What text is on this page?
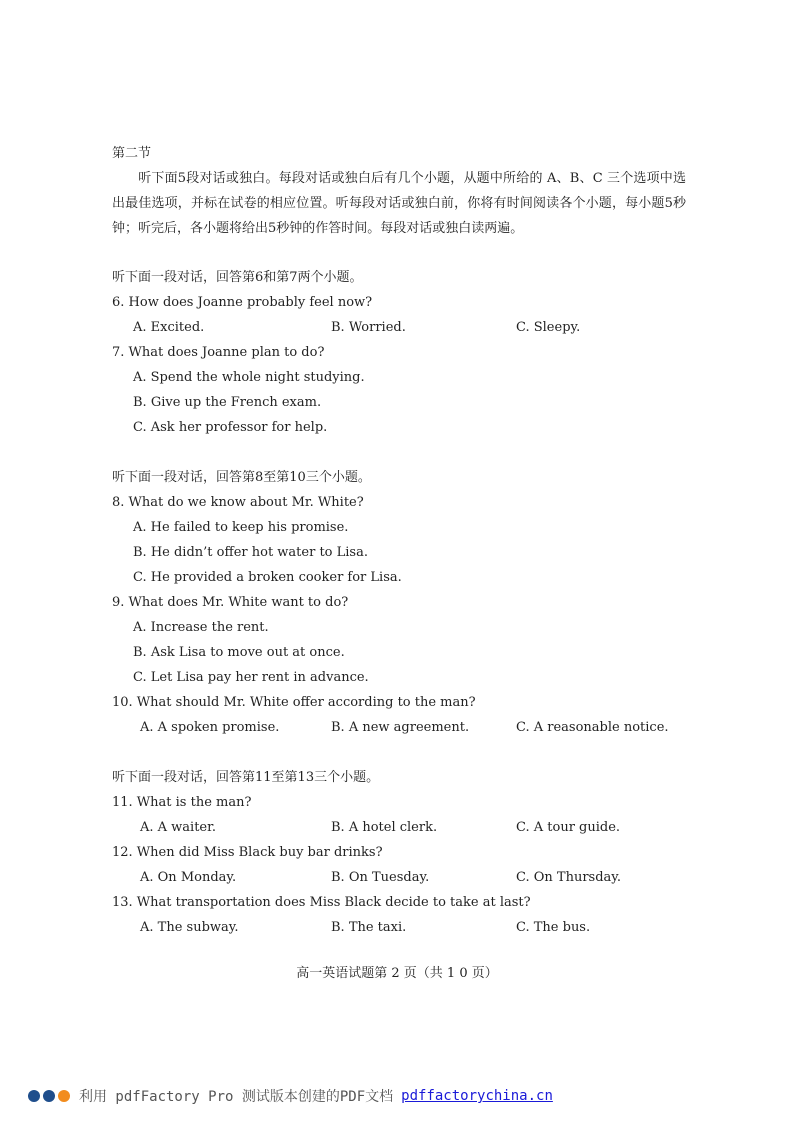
第二节
听下面5段对话或独白。每段对话或独白后有几个小题，从题中所给的 A、B、C 三个选项中选出最佳选项，并标在试卷的相应位置。听每段对话或独白前，你将有时间阅读各个小题，每小题5秒钟；听完后，各小题将给出5秒钟的作答时间。每段对话或独白读两遍。
听下面一段对话，回答第6和第7两个小题。
6. How does Joanne probably feel now?
A. Excited.	B. Worried.	C. Sleepy.
7. What does Joanne plan to do?
A. Spend the whole night studying.
B. Give up the French exam.
C. Ask her professor for help.
听下面一段对话，回答第8至第10三个小题。
8. What do we know about Mr. White?
A. He failed to keep his promise.
B. He didn’t offer hot water to Lisa.
C. He provided a broken cooker for Lisa.
9. What does Mr. White want to do?
A. Increase the rent.
B. Ask Lisa to move out at once.
C. Let Lisa pay her rent in advance.
10. What should Mr. White offer according to the man?
A. A spoken promise.	B. A new agreement.	C. A reasonable notice.
听下面一段对话，回答第11至第13三个小题。
11. What is the man?
A. A waiter.	B. A hotel clerk.	C. A tour guide.
12. When did Miss Black buy bar drinks?
A. On Monday.	B. On Tuesday.	C. On Thursday.
13. What transportation does Miss Black decide to take at last?
A. The subway.	B. The taxi.	C. The bus.
高一英语试题第 2 页（共 1 0 页）
利用 pdfFactory Pro 测试版本创建的PDF文档 pdffactorychina.cn
